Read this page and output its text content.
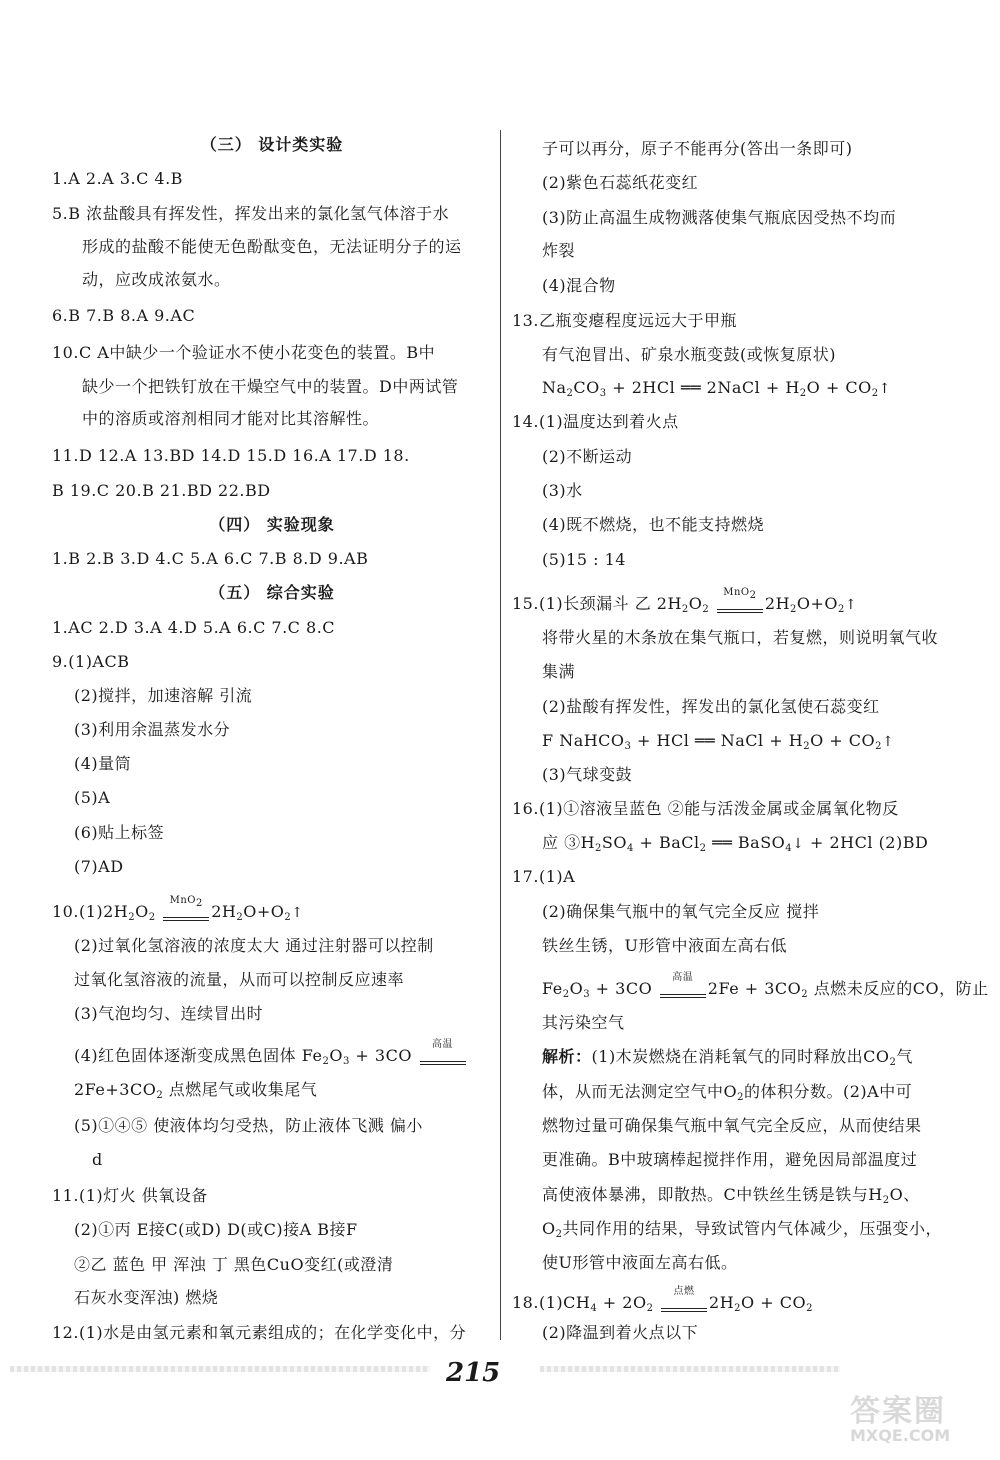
（三） 设计类实验
1.A 2.A 3.C 4.B
5.B 浓盐酸具有挥发性，挥发出来的氯化氢气体溶于水
形成的盐酸不能使无色酚酞变色，无法证明分子的运
动，应改成浓氨水。
6.B 7.B 8.A 9.AC
10.C A中缺少一个验证水不使小花变色的装置。B中
缺少一个把铁钉放在干燥空气中的装置。D中两试管
中的溶质或溶剂相同才能对比其溶解性。
11.D 12.A 13.BD 14.D 15.D 16.A 17.D 18.
B 19.C 20.B 21.BD 22.BD
（四） 实验现象
1.B 2.B 3.D 4.C 5.A 6.C 7.B 8.D 9.AB
（五） 综合实验
1.AC 2.D 3.A 4.D 5.A 6.C 7.C 8.C
9.(1)ACB
(2)搅拌，加速溶解 引流
(3)利用余温蒸发水分
(4)量筒
(5)A
(6)贴上标签
(7)AD
$10.(1)2H_2O_2$
MnO$_2$ $2H_2O+O_2↑$
(2)过氧化氢溶液的浓度太大 通过注射器可以控制
过氧化氢溶液的流量，从而可以控制反应速率
(3)气泡均匀、连续冒出时
(4)红色固体逐渐变成黑色固体 $Fe_2O_3 + 3CO$
高温
$2Fe+3CO_2$ 点燃尾气或收集尾气
(5)①④⑤ 使液体均匀受热，防止液体飞溅 偏小
d
11.(1)灯火 供氧设备
(2)①丙 E接C(或D) D(或C)接A B接F
②乙 蓝色 甲 浑浊 丁 黑色CuO变红(或澄清
石灰水变浑浊) 燃烧
12.(1)水是由氢元素和氧元素组成的；在化学变化中，分
子可以再分，原子不能再分(答出一条即可)
(2)紫色石蕊纸花变红
(3)防止高温生成物溅落使集气瓶底因受热不均而
炸裂
(4)混合物
13.乙瓶变瘪程度远远大于甲瓶
有气泡冒出、矿泉水瓶变鼓(或恢复原状)
$Na_2CO_3 + 2HCl$ ══ 2NaCl + $H_2O$ + $CO_2↑$
14.(1)温度达到着火点
(2)不断运动
(3)水
(4)既不燃烧，也不能支持燃烧
(5)15 : 14
15.(1)长颈漏斗 乙 $2H_2O_2$
MnO$_2$ $2H_2O+O_2↑$
将带火星的木条放在集气瓶口，若复燃，则说明氧气收
集满
(2)盐酸有挥发性，挥发出的氯化氢使石蕊变红
F NaHCO$_3$ + HCl ══ NaCl + $H_2O$ + $CO_2↑$
(3)气球变鼓
16.(1)①溶液呈蓝色 ②能与活泼金属或金属氧化物反
应 $③H_2SO_4$ + BaCl$_2$ ══ BaSO$_4$↓ + 2HCl (2)BD
17.(1)A
(2)确保集气瓶中的氧气完全反应 搅拌
铁丝生锈，U形管中液面左高右低
$Fe_2O_3 + 3CO$
高温
$2Fe + 3CO_2$ 点燃未反应的CO，防止
其污染空气
解析：(1)木炭燃烧在消耗氧气的同时释放出$CO_2$气
体，从而无法测定空气中$O_2$的体积分数。(2)A中可
燃物过量可确保集气瓶中氧气完全反应，从而使结果
更准确。B中玻璃棒起搅拌作用，避免因局部温度过
高使液体暴沸，即散热。C中铁丝生锈是铁与$H_2O$、
$O_2$共同作用的结果，导致试管内气体减少，压强变小，
使U形管中液面左高右低。
$18.(1)CH_4 + 2O_2$
点燃
$2H_2O + CO_2$
(2)降温到着火点以下
215
答案圈
MXQE.COM
